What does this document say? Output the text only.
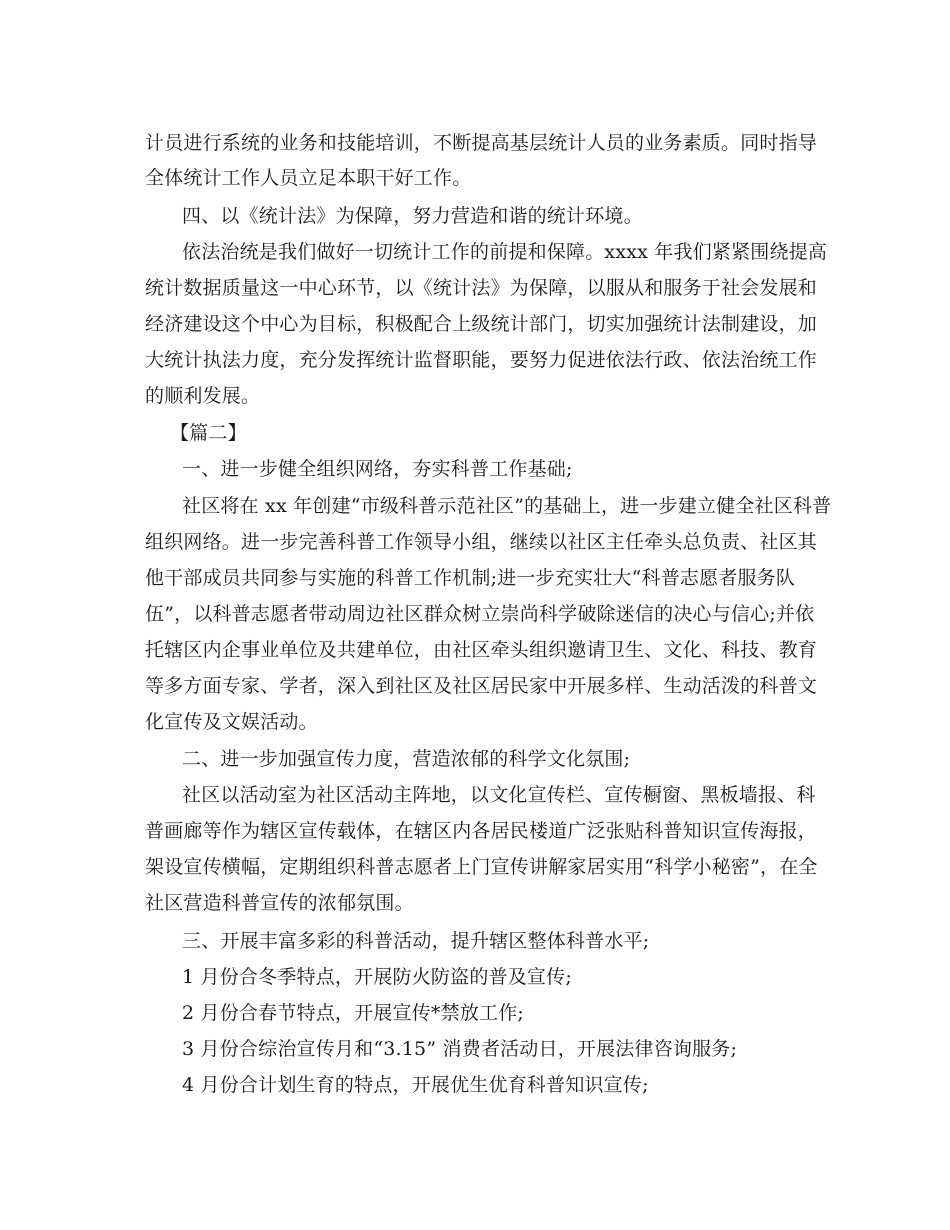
计员进行系统的业务和技能培训，不断提高基层统计人员的业务素质。同时指导
全体统计工作人员立足本职干好工作。
四、以《统计法》为保障，努力营造和谐的统计环境。
依法治统是我们做好一切统计工作的前提和保障。xxxx 年我们紧紧围绕提高
统计数据质量这一中心环节，以《统计法》为保障，以服从和服务于社会发展和
经济建设这个中心为目标，积极配合上级统计部门，切实加强统计法制建设，加
大统计执法力度，充分发挥统计监督职能，要努力促进依法行政、依法治统工作
的顺利发展。
【篇二】
一、进一步健全组织网络，夯实科普工作基础;
社区将在 xx 年创建“市级科普示范社区”的基础上，进一步建立健全社区科普
组织网络。进一步完善科普工作领导小组，继续以社区主任牵头总负责、社区其
他干部成员共同参与实施的科普工作机制;进一步充实壮大“科普志愿者服务队
伍”，以科普志愿者带动周边社区群众树立崇尚科学破除迷信的决心与信心;并依
托辖区内企事业单位及共建单位，由社区牵头组织邀请卫生、文化、科技、教育
等多方面专家、学者，深入到社区及社区居民家中开展多样、生动活泼的科普文
化宣传及文娱活动。
二、进一步加强宣传力度，营造浓郁的科学文化氛围;
社区以活动室为社区活动主阵地，以文化宣传栏、宣传橱窗、黑板墙报、科
普画廊等作为辖区宣传载体，在辖区内各居民楼道广泛张贴科普知识宣传海报，
架设宣传横幅，定期组织科普志愿者上门宣传讲解家居实用“科学小秘密”，在全
社区营造科普宣传的浓郁氛围。
三、开展丰富多彩的科普活动，提升辖区整体科普水平;
1 月份合冬季特点，开展防火防盗的普及宣传;
2 月份合春节特点，开展宣传*禁放工作;
3 月份合综治宣传月和“3.15” 消费者活动日，开展法律咨询服务;
4 月份合计划生育的特点，开展优生优育科普知识宣传;
